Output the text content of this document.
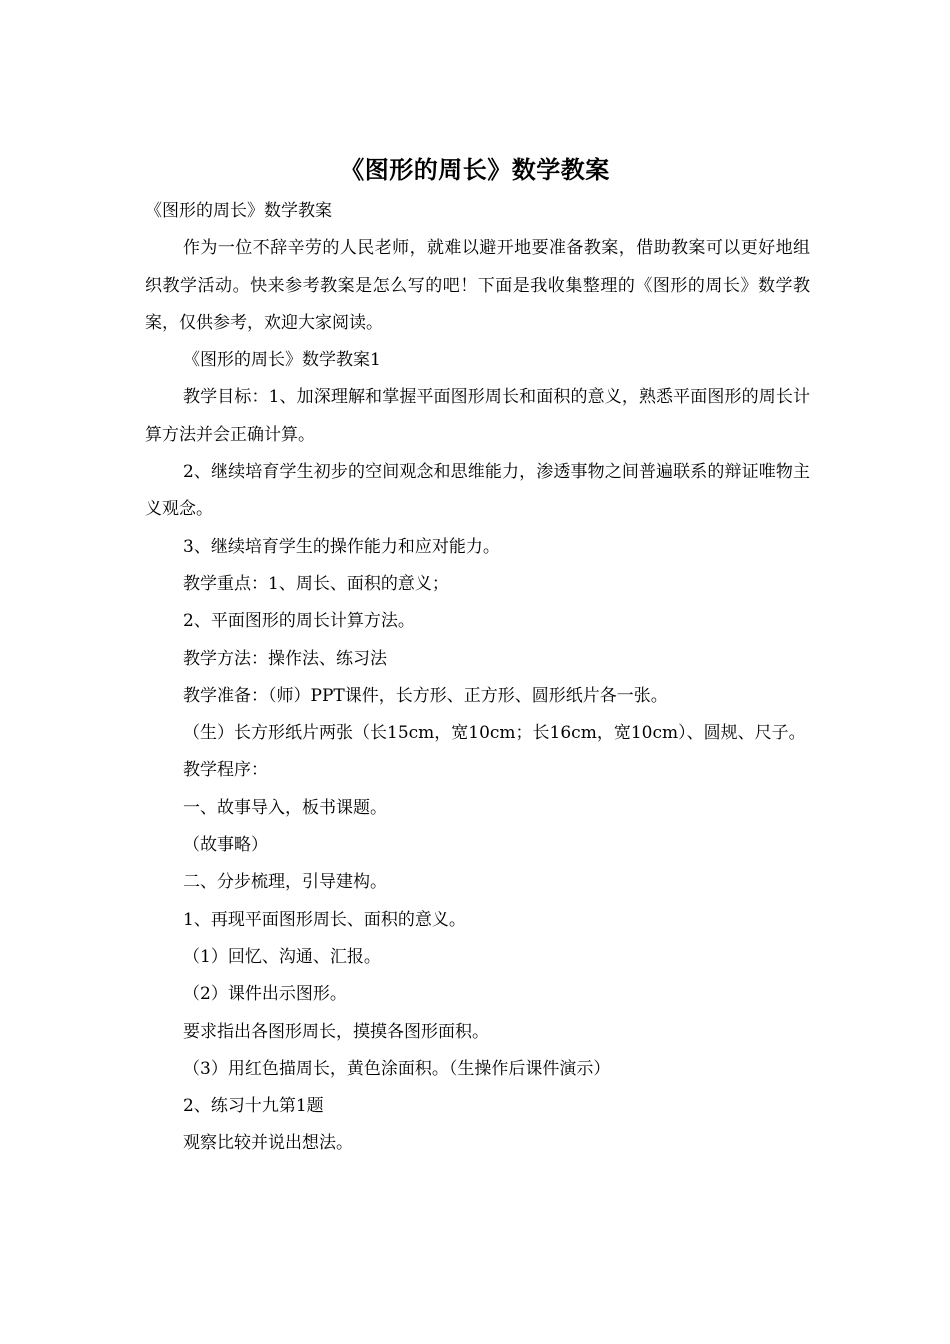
《图形的周长》数学教案

《图形的周长》数学教案

作为一位不辞辛劳的人民老师，就难以避开地要准备教案，借助教案可以更好地组织教学活动。快来参考教案是怎么写的吧！下面是我收集整理的《图形的周长》数学教案，仅供参考，欢迎大家阅读。

《图形的周长》数学教案1

教学目标：1、加深理解和掌握平面图形周长和面积的意义，熟悉平面图形的周长计算方法并会正确计算。

2、继续培育学生初步的空间观念和思维能力，渗透事物之间普遍联系的辩证唯物主义观念。

3、继续培育学生的操作能力和应对能力。

教学重点：1、周长、面积的意义；

2、平面图形的周长计算方法。

教学方法：操作法、练习法

教学准备：（师）PPT课件，长方形、正方形、圆形纸片各一张。

（生）长方形纸片两张（长15cm，宽10cm；长16cm，宽10cm）、圆规、尺子。

教学程序：

一、故事导入，板书课题。

（故事略）

二、分步梳理，引导建构。

1、再现平面图形周长、面积的意义。

（1）回忆、沟通、汇报。

（2）课件出示图形。

要求指出各图形周长，摸摸各图形面积。

（3）用红色描周长，黄色涂面积。（生操作后课件演示）

2、练习十九第1题

观察比较并说出想法。
